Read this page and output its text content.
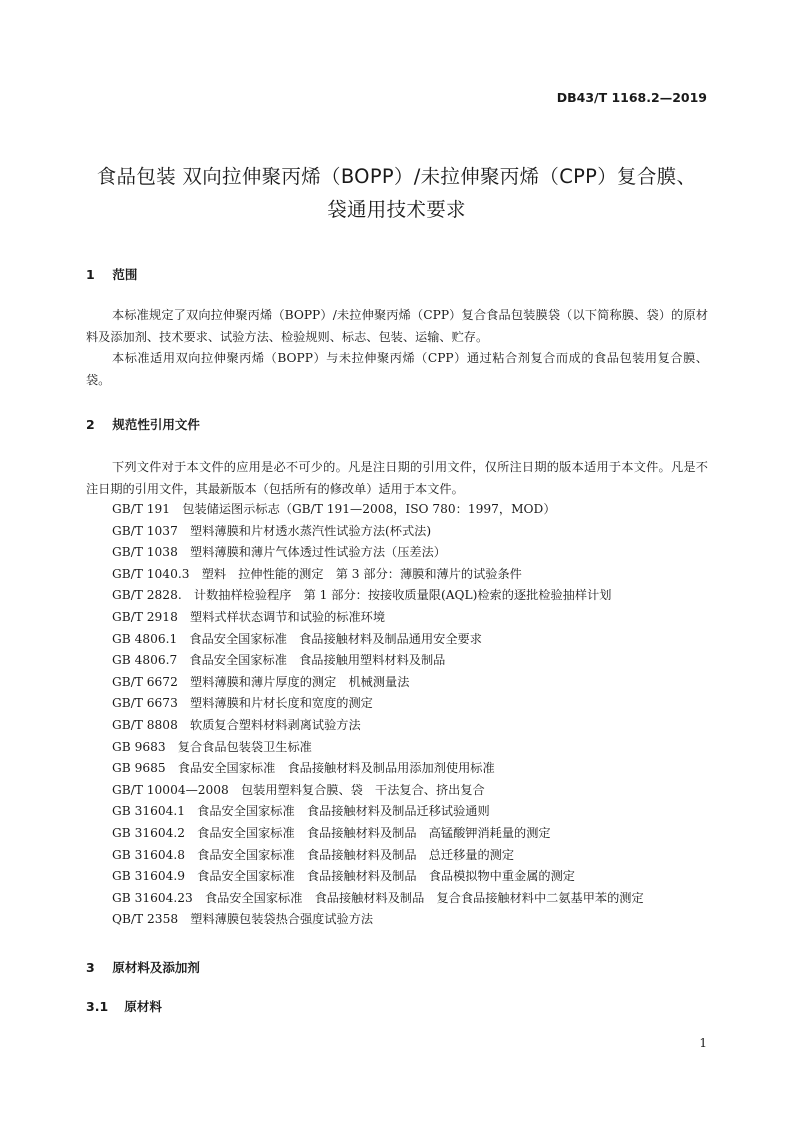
DB43/T 1168.2—2019
食品包装 双向拉伸聚丙烯（BOPP）/未拉伸聚丙烯（CPP）复合膜、
袋通用技术要求
1 范围

本标准规定了双向拉伸聚丙烯（BOPP）/未拉伸聚丙烯（CPP）复合食品包装膜袋（以下简称膜、袋）的原材料及添加剂、技术要求、试验方法、检验规则、标志、包装、运输、贮存。

本标准适用双向拉伸聚丙烯（BOPP）与未拉伸聚丙烯（CPP）通过粘合剂复合而成的食品包装用复合膜、袋。

2 规范性引用文件

下列文件对于本文件的应用是必不可少的。凡是注日期的引用文件，仅所注日期的版本适用于本文件。凡是不注日期的引用文件，其最新版本（包括所有的修改单）适用于本文件。

GB/T 191　包装储运图示标志（GB/T 191—2008，ISO 780：1997，MOD）
GB/T 1037　塑料薄膜和片材透水蒸汽性试验方法(杯式法)
GB/T 1038　塑料薄膜和薄片气体透过性试验方法（压差法）
GB/T 1040.3　塑料　拉伸性能的测定　第 3 部分：薄膜和薄片的试验条件
GB/T 2828.　计数抽样检验程序　第 1 部分：按接收质量限(AQL)检索的逐批检验抽样计划
GB/T 2918　塑料式样状态调节和试验的标准环境
GB 4806.1　食品安全国家标准　食品接触材料及制品通用安全要求
GB 4806.7　食品安全国家标准　食品接触用塑料材料及制品
GB/T 6672　塑料薄膜和薄片厚度的测定　机械测量法
GB/T 6673　塑料薄膜和片材长度和宽度的测定
GB/T 8808　软质复合塑料材料剥离试验方法
GB 9683　复合食品包装袋卫生标准
GB 9685　食品安全国家标准　食品接触材料及制品用添加剂使用标准
GB/T 10004—2008　包装用塑料复合膜、袋　干法复合、挤出复合
GB 31604.1　食品安全国家标准　食品接触材料及制品迁移试验通则
GB 31604.2　食品安全国家标准　食品接触材料及制品　高锰酸钾消耗量的测定
GB 31604.8　食品安全国家标准　食品接触材料及制品　总迁移量的测定
GB 31604.9　食品安全国家标准　食品接触材料及制品　食品模拟物中重金属的测定
GB 31604.23　食品安全国家标准　食品接触材料及制品　复合食品接触材料中二氨基甲苯的测定
QB/T 2358　塑料薄膜包装袋热合强度试验方法
3 原材料及添加剂
3.1 原材料
1
